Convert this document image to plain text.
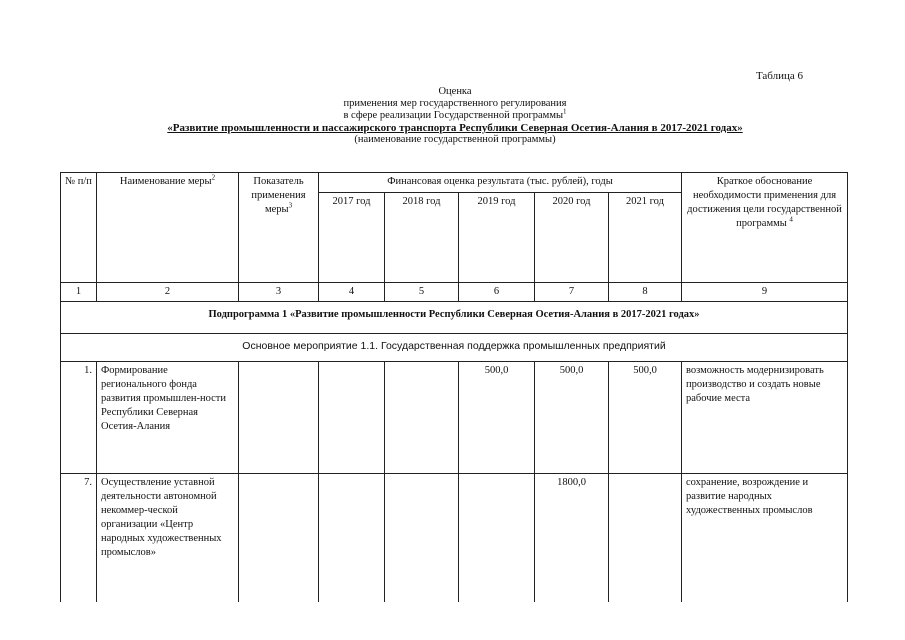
Таблица 6
Оценка
применения мер государственного регулирования
в сфере реализации Государственной программы$^1$
«Развитие промышленности и пассажирского транспорта Республики Северная Осетия-Алания в 2017-2021 годах»
(наименование государственной программы)
№ п/п	Наименование меры$^2$	Показатель применения меры$^3$	Финансовая оценка результата (тыс. рублей), годы					Краткое обоснование необходимости применения для достижения цели государственной программы $^4$
			2017 год	2018 год	2019 год	2020 год	2021 год	
1	2	3	4	5	6	7	8	9
Подпрограмма 1 «Развитие промышленности Республики Северная Осетия-Алания в 2017-2021 годах»								
Основное мероприятие 1.1. Государственная поддержка промышленных предприятий								
1.	Формирование регионального фонда развития промышлен-ности Республики Северная Осетия-Алания				500,0	500,0	500,0	возможность модернизировать производство и создать новые рабочие места
7.	Осуществление уставной деятельности автономной некоммер-ческой организации «Центр народных художественных промыслов»					1800,0		сохранение, возрождение и развитие народных художественных промыслов
